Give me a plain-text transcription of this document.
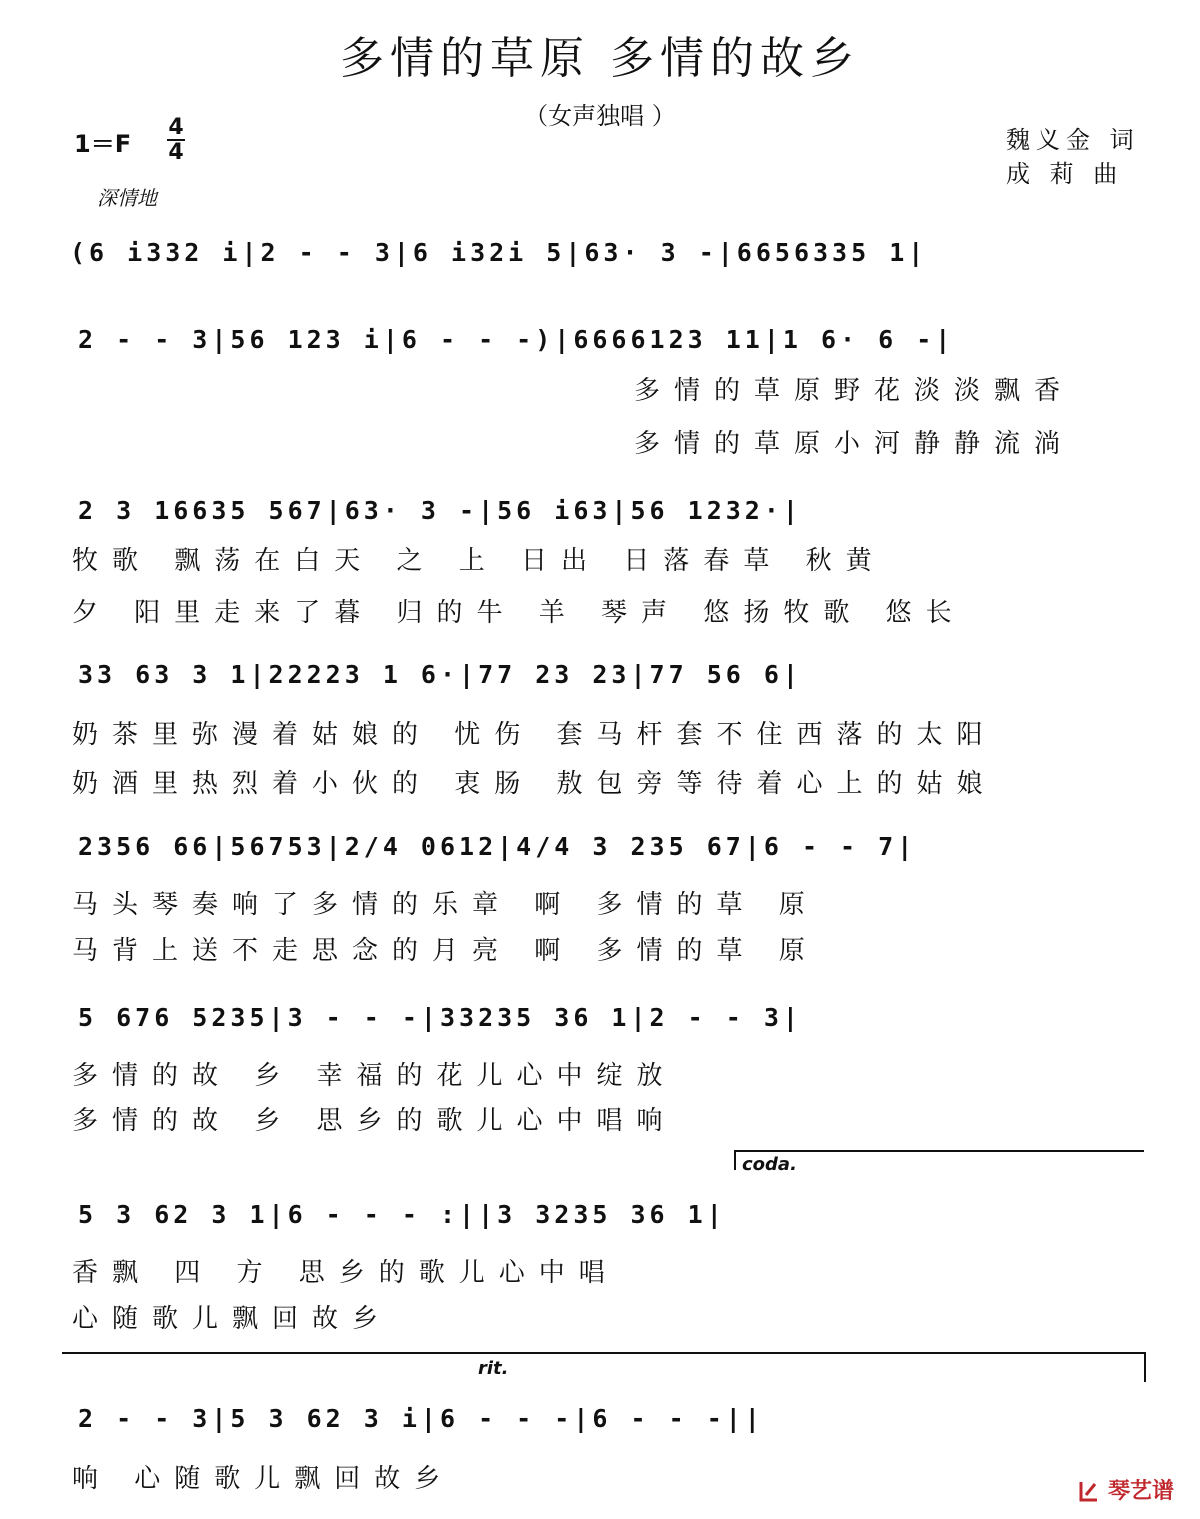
多情的草原 多情的故乡
（女声独唱 ）
1＝F
4
4	魏义金 词
成 莉 曲
深情地
(6 i332 i|2 - - 3|6 i32i 5|63· 3 -|6656335 1|
2 - - 3|56 123 i|6 - - -)|6666123 11|1 6· 6 -|
多情的草原野花淡淡飘香
多情的草原小河静静流淌
2 3 16635 567|63· 3 -|56 i63|56 1232·|
牧歌 飘荡在白天 之 上 日出 日落春草 秋黄
夕 阳里走来了暮 归的牛 羊 琴声 悠扬牧歌 悠长
33 63 3 1|22223 1 6·|77 23 23|77 56 6|
奶茶里弥漫着姑娘的 忧伤 套马杆套不住西落的太阳
奶酒里热烈着小伙的 衷肠 敖包旁等待着心上的姑娘
2356 66|56753|2/4 0612|4/4 3 235 67|6 - - 7|
马头琴奏响了多情的乐章 啊 多情的草 原
马背上送不走思念的月亮 啊 多情的草 原
5 676 5235|3 - - -|33235 36 1|2 - - 3|
多情的故 乡 幸福的花儿心中绽放
多情的故 乡 思乡的歌儿心中唱响
coda.
5 3 62 3 1|6 - - - :||3 3235 36 1|
香飘 四 方 思乡的歌儿心中唱
心随歌儿飘回故乡
rit.
2 - - 3|5 3 62 3 i|6 - - -|6 - - -||
响 心随歌儿飘回故乡	琴艺谱
